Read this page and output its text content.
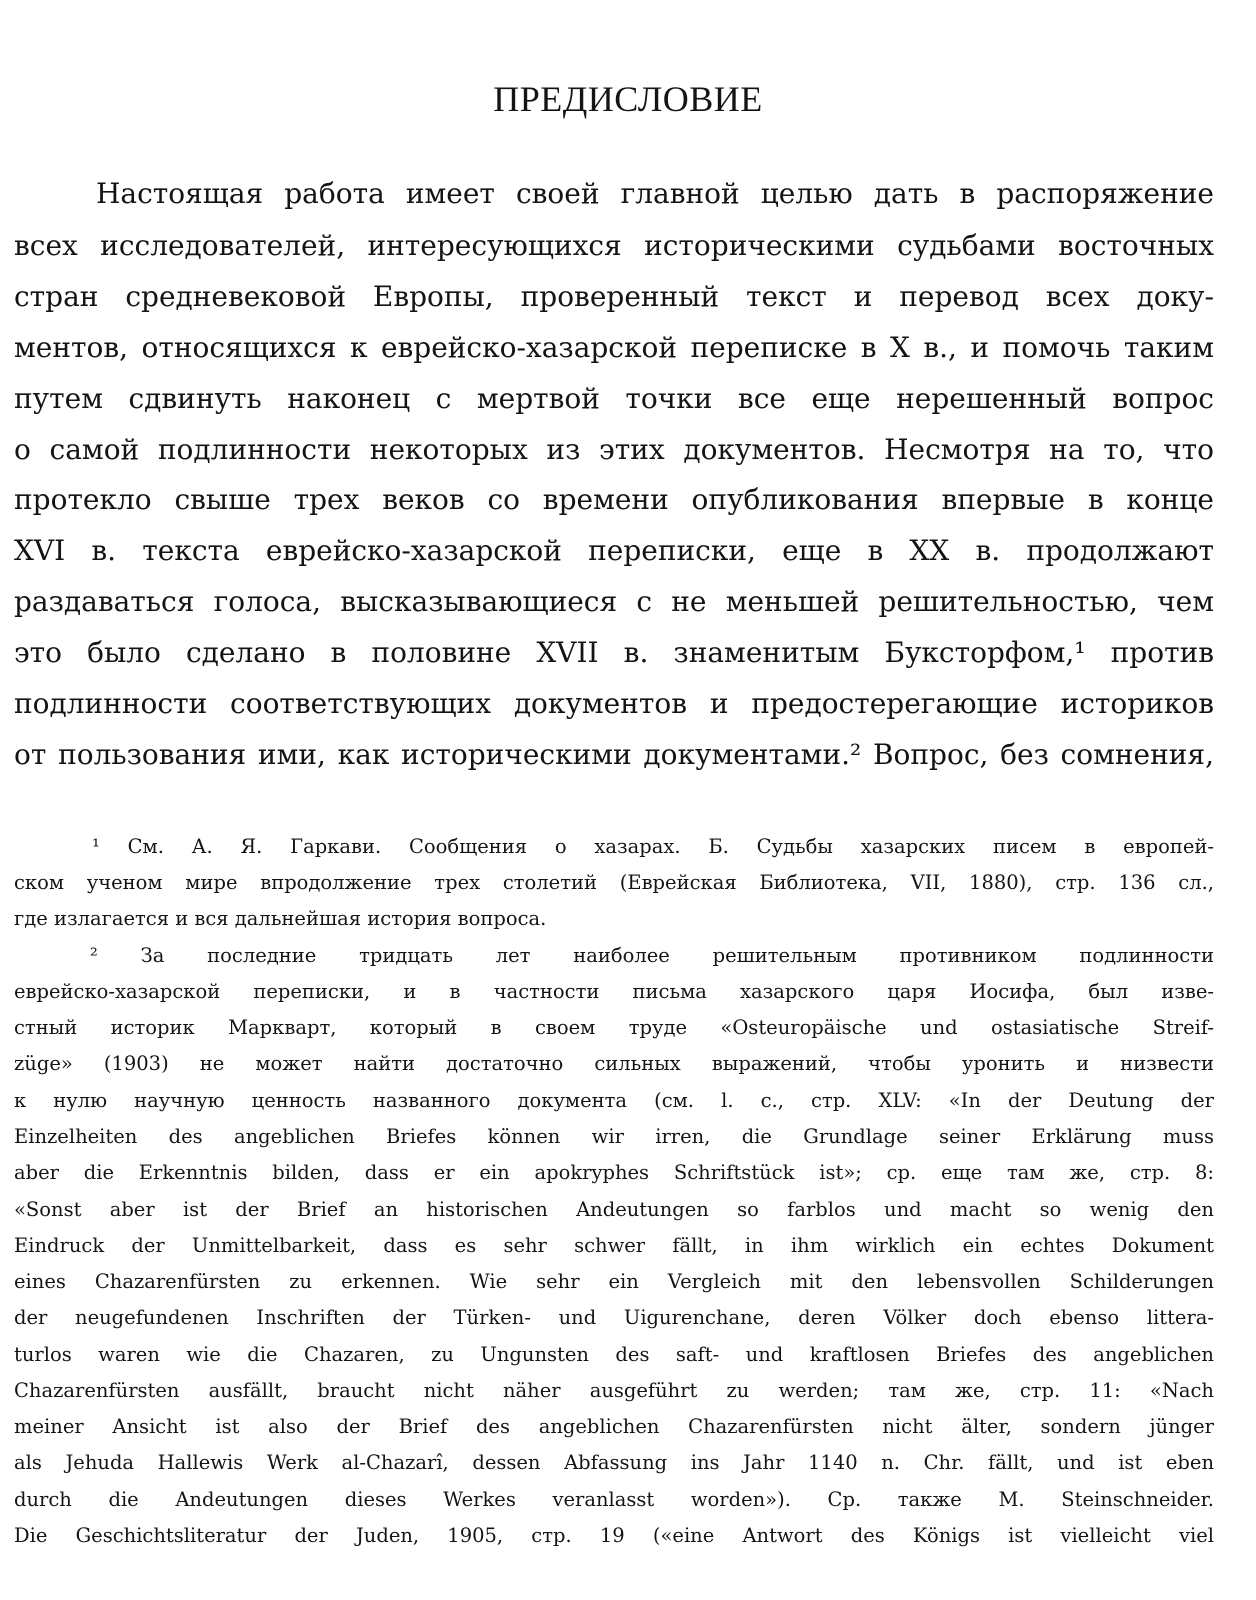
ПРЕДИСЛОВИЕ
Настоящая работа имеет своей главной целью дать в распоряжение
всех исследователей, интересующихся историческими судьбами восточных
стран средневековой Европы, проверенный текст и перевод всех доку-
ментов, относящихся к еврейско-хазарской переписке в X в., и помочь таким
путем сдвинуть наконец с мертвой точки все еще нерешенный вопрос
о самой подлинности некоторых из этих документов. Несмотря на то, что
протекло свыше трех веков со времени опубликования впервые в конце
XVI в. текста еврейско-хазарской переписки, еще в XX в. продолжают
раздаваться голоса, высказывающиеся с не меньшей решительностью, чем
это было сделано в половине XVII в. знаменитым Буксторфом,¹ против
подлинности соответствующих документов и предостерегающие историков
от пользования ими, как историческими документами.² Вопрос, без сомнения,
¹ См. А. Я. Гаркави. Сообщения о хазарах. Б. Судьбы хазарских писем в европей-
ском ученом мире впродолжение трех столетий (Еврейская Библиотека, VII, 1880), стр. 136 сл.,
где излагается и вся дальнейшая история вопроса.
² За последние тридцать лет наиболее решительным противником подлинности
еврейско-хазарской переписки, и в частности письма хазарского царя Иосифа, был изве-
стный историк Маркварт, который в своем труде «Osteuropäische und ostasiatische Streif-
züge» (1903) не может найти достаточно сильных выражений, чтобы уронить и низвести
к нулю научную ценность названного документа (см. l. c., стр. XLV: «In der Deutung der
Einzelheiten des angeblichen Briefes können wir irren, die Grundlage seiner Erklärung muss
aber die Erkenntnis bilden, dass er ein apokryphes Schriftstück ist»; ср. еще там же, стр. 8:
«Sonst aber ist der Brief an historischen Andeutungen so farblos und macht so wenig den
Eindruck der Unmittelbarkeit, dass es sehr schwer fällt, in ihm wirklich ein echtes Dokument
eines Chazarenfürsten zu erkennen. Wie sehr ein Vergleich mit den lebensvollen Schilderungen
der neugefundenen Inschriften der Türken- und Uigurenchane, deren Völker doch ebenso littera-
turlos waren wie die Chazaren, zu Ungunsten des saft- und kraftlosen Briefes des angeblichen
Chazarenfürsten ausfällt, braucht nicht näher ausgeführt zu werden; там же, стр. 11: «Nach
meiner Ansicht ist also der Brief des angeblichen Chazarenfürsten nicht älter, sondern jünger
als Jehuda Hallewis Werk al-Chazarî, dessen Abfassung ins Jahr 1140 n. Chr. fällt, und ist eben
durch die Andeutungen dieses Werkes veranlasst worden»). Ср. также M. Steinschneider.
Die Geschichtsliteratur der Juden, 1905, стр. 19 («eine Antwort des Königs ist vielleicht viel
